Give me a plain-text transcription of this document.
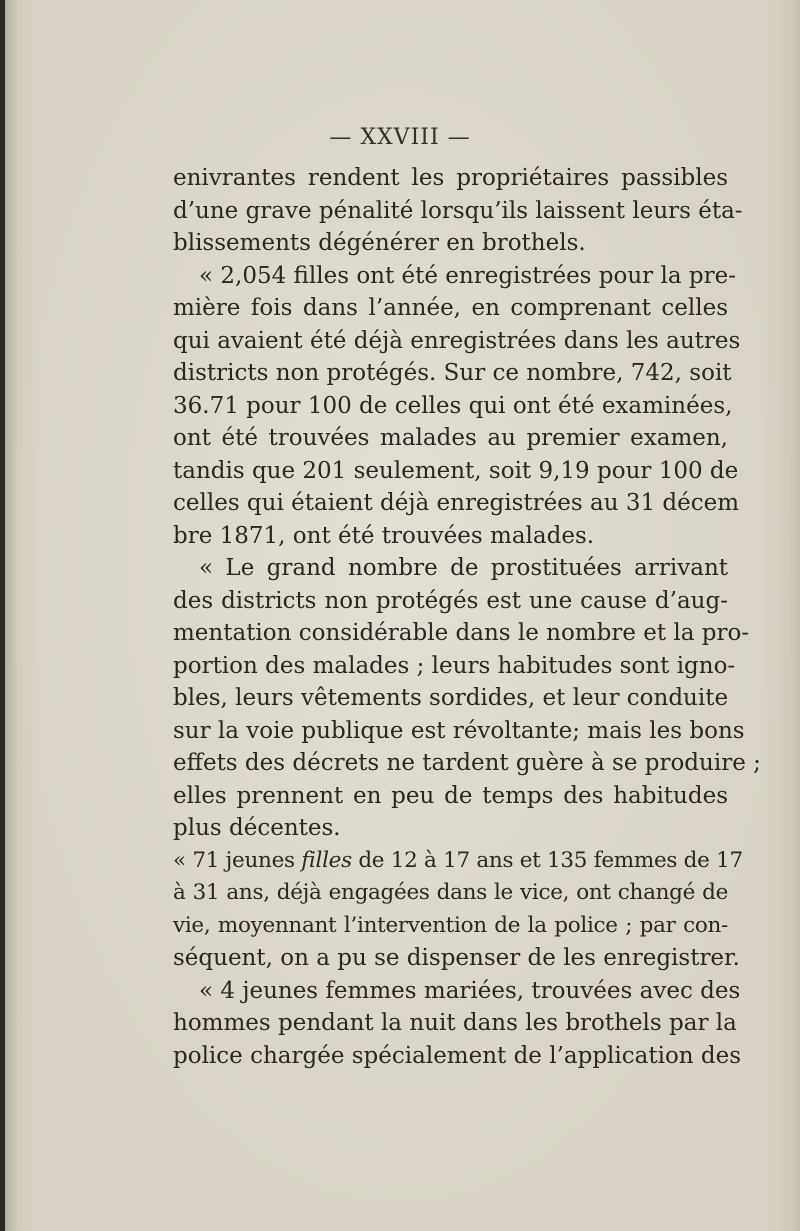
— XXVIII —
enivrantes rendent les propriétaires passibles
d’une grave pénalité lorsqu’ils laissent leurs éta-
blissements dégénérer en brothels.
« 2,054 filles ont été enregistrées pour la pre-
mière fois dans l’année, en comprenant celles
qui avaient été déjà enregistrées dans les autres
districts non protégés. Sur ce nombre, 742, soit
36.71 pour 100 de celles qui ont été examinées,
ont été trouvées malades au premier examen,
tandis que 201 seulement, soit 9,19 pour 100 de
celles qui étaient déjà enregistrées au 31 décem
bre 1871, ont été trouvées malades.
« Le grand nombre de prostituées arrivant
des districts non protégés est une cause d’aug-
mentation considérable dans le nombre et la pro-
portion des malades ; leurs habitudes sont igno-
bles, leurs vêtements sordides, et leur conduite
sur la voie publique est révoltante; mais les bons
effets des décrets ne tardent guère à se produire ;
elles prennent en peu de temps des habitudes
plus décentes.
« 71 jeunes filles de 12 à 17 ans et 135 femmes de 17
à 31 ans, déjà engagées dans le vice, ont changé de
vie, moyennant l’intervention de la police ; par con-
séquent, on a pu se dispenser de les enregistrer.
« 4 jeunes femmes mariées, trouvées avec des
hommes pendant la nuit dans les brothels par la
police chargée spécialement de l’application des
